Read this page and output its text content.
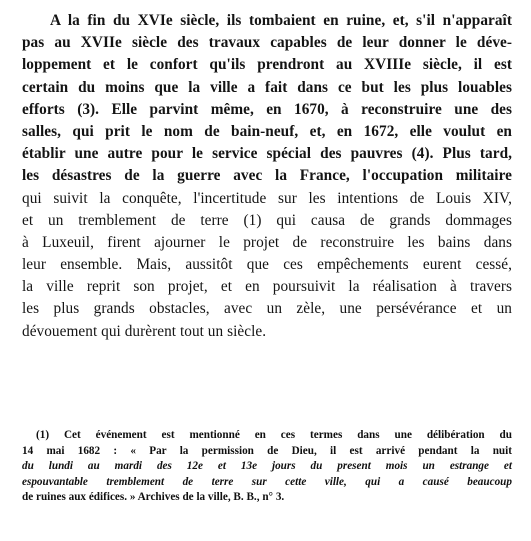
A la fin du XVIe siècle, ils tombaient en ruine, et, s'il n'apparaît
pas au XVIIe siècle des travaux capables de leur donner le déve-
loppement et le confort qu'ils prendront au XVIIIe siècle, il est
certain du moins que la ville a fait dans ce but les plus louables
efforts (3). Elle parvint même, en 1670, à reconstruire une des
salles, qui prit le nom de bain-neuf, et, en 1672, elle voulut en
établir une autre pour le service spécial des pauvres (4). Plus tard,
les désastres de la guerre avec la France, l'occupation militaire
qui suivit la conquête, l'incertitude sur les intentions de Louis XIV,
et un tremblement de terre (1) qui causa de grands dommages
à Luxeuil, firent ajourner le projet de reconstruire les bains dans
leur ensemble. Mais, aussitôt que ces empêchements eurent cessé,
la ville reprit son projet, et en poursuivit la réalisation à travers
les plus grands obstacles, avec un zèle, une persévérance et un
dévouement qui durèrent tout un siècle.
(1) Cet événement est mentionné en ces termes dans une délibération du
14 mai 1682 : « Par la permission de Dieu, il est arrivé pendant la nuit
du lundi au mardi des 12e et 13e jours du present mois un estrange et
espouvantable tremblement de terre sur cette ville, qui a causé beaucoup
de ruines aux édifices. » Archives de la ville, B. B., n° 3.
